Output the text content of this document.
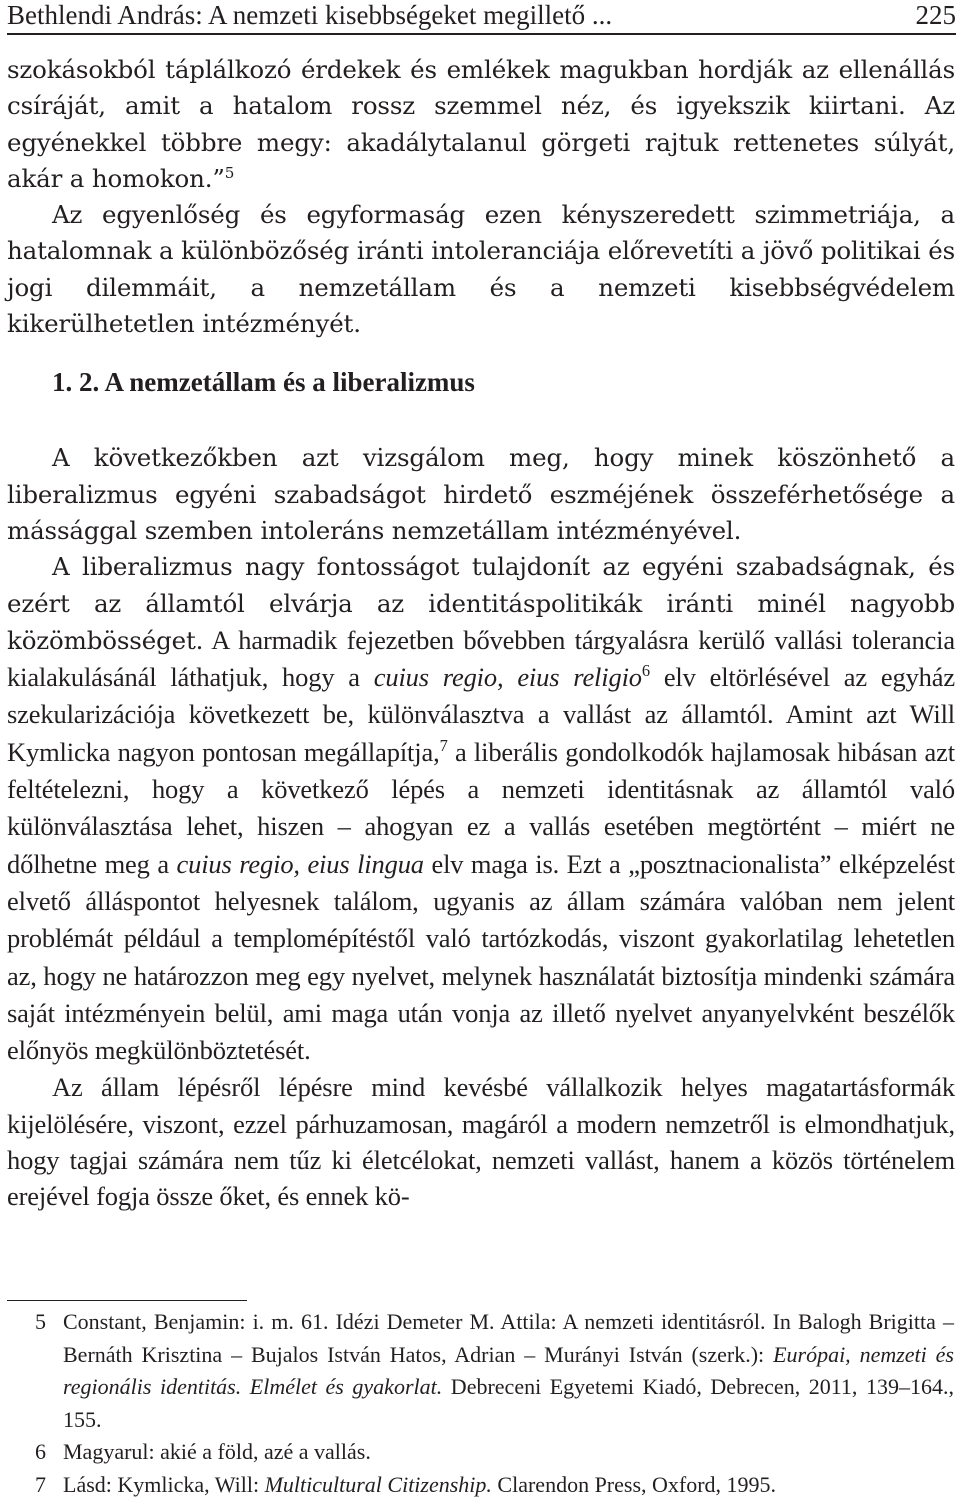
Bethlendi András: A nemzeti kisebbségeket megillető ...	225

szokásokból táplálkozó érdekek és emlékek magukban hordják az ellenállás csíráját, amit a hatalom rossz szemmel néz, és igyekszik kiirtani. Az egyénekkel többre megy: akadálytalanul görgeti rajtuk rettenetes súlyát, akár a homokon.”$^5$

Az egyenlőség és egyformaság ezen kényszeredett szimmetriája, a hatalomnak a különbözőség iránti intoleranciája előrevetíti a jövő politikai és jogi dilemmáit, a nemzetállam és a nemzeti kisebbségvédelem kikerülhetetlen intézményét.

1. 2. A nemzetállam és a liberalizmus

A következőkben azt vizsgálom meg, hogy minek köszönhető a liberalizmus egyéni szabadságot hirdető eszméjének összeférhetősége a mássággal szemben intoleráns nemzetállam intézményével.

A liberalizmus nagy fontosságot tulajdonít az egyéni szabadságnak, és ezért az államtól elvárja az identitáspolitikák iránti minél nagyobb közömbösséget. A harmadik fejezetben bővebben tárgyalásra kerülő vallási tolerancia kialakulásánál láthatjuk, hogy a cuius regio, eius religio$^6$ elv eltörlésével az egyház szekularizációja következett be, különválasztva a vallást az államtól. Amint azt Will Kymlicka nagyon pontosan megállapítja,$^7$ a liberális gondolkodók hajlamosak hibásan azt feltételezni, hogy a következő lépés a nemzeti identitásnak az államtól való különválasztása lehet, hiszen – ahogyan ez a vallás esetében megtörtént – miért ne dőlhetne meg a cuius regio, eius lingua elv maga is. Ezt a „posztnacionalista” elképzelést elvető álláspontot helyesnek találom, ugyanis az állam számára valóban nem jelent problémát például a templomépítéstől való tartózkodás, viszont gyakorlatilag lehetetlen az, hogy ne határozzon meg egy nyelvet, melynek használatát biztosítja mindenki számára saját intézményein belül, ami maga után vonja az illető nyelvet anyanyelvként beszélők előnyös megkülönböztetését.

Az állam lépésről lépésre mind kevésbé vállalkozik helyes magatartásformák kijelölésére, viszont, ezzel párhuzamosan, magáról a modern nemzetről is elmondhatjuk, hogy tagjai számára nem tűz ki életcélokat, nemzeti vallást, hanem a közös történelem erejével fogja össze őket, és ennek kö-

5 Constant, Benjamin: i. m. 61. Idézi Demeter M. Attila: A nemzeti identitásról. In Balogh Brigitta – Bernáth Krisztina – Bujalos István Hatos, Adrian – Murányi István (szerk.): Európai, nemzeti és regionális identitás. Elmélet és gyakorlat. Debreceni Egyetemi Kiadó, Debrecen, 2011, 139–164., 155.
6 Magyarul: akié a föld, azé a vallás.
7 Lásd: Kymlicka, Will: Multicultural Citizenship. Clarendon Press, Oxford, 1995.
